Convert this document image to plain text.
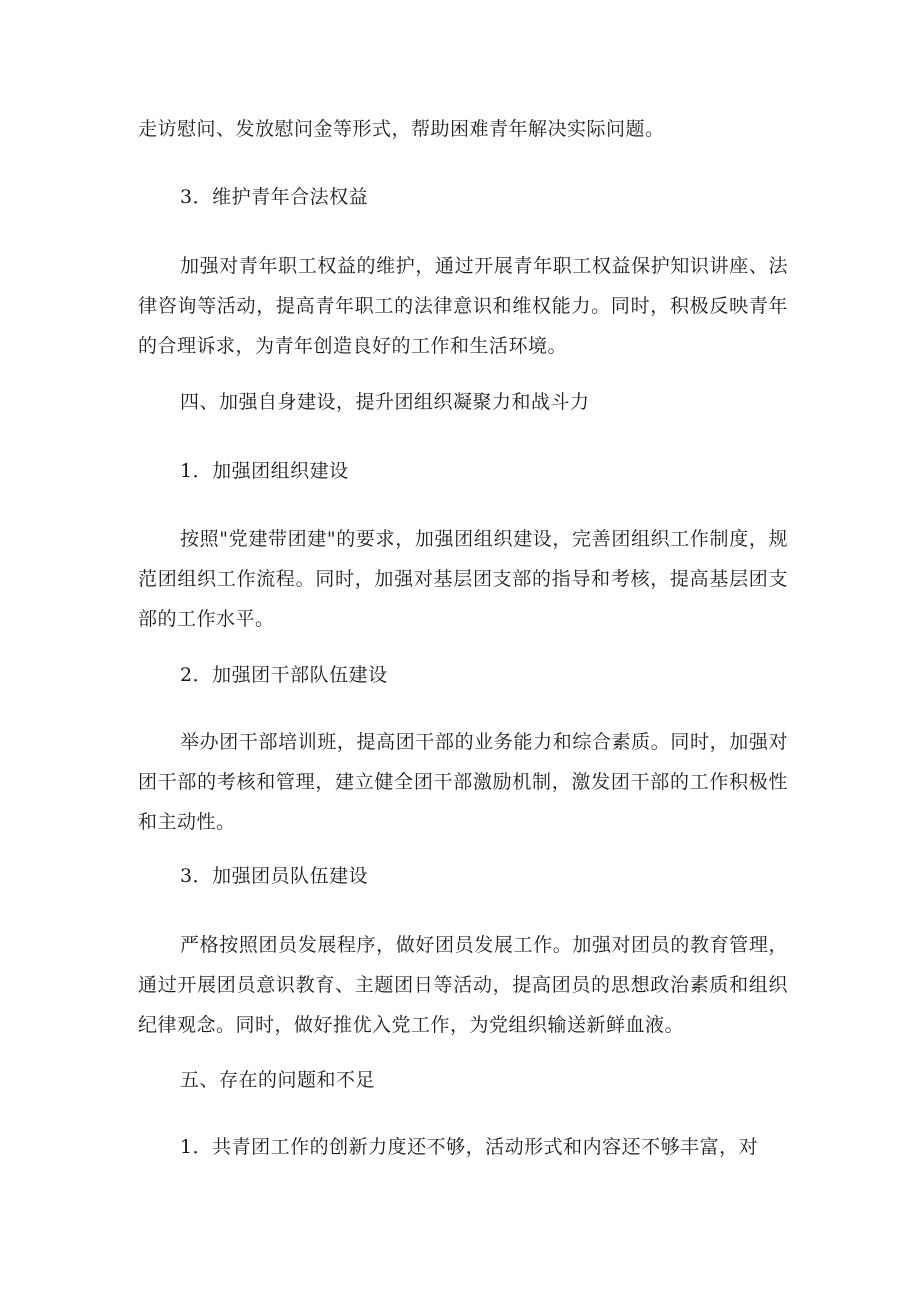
走访慰问、发放慰问金等形式，帮助困难青年解决实际问题。
3．维护青年合法权益
加强对青年职工权益的维护，通过开展青年职工权益保护知识讲座、法律咨询等活动，提高青年职工的法律意识和维权能力。同时，积极反映青年的合理诉求，为青年创造良好的工作和生活环境。
四、加强自身建设，提升团组织凝聚力和战斗力
1．加强团组织建设
按照"党建带团建"的要求，加强团组织建设，完善团组织工作制度，规范团组织工作流程。同时，加强对基层团支部的指导和考核，提高基层团支部的工作水平。
2．加强团干部队伍建设
举办团干部培训班，提高团干部的业务能力和综合素质。同时，加强对团干部的考核和管理，建立健全团干部激励机制，激发团干部的工作积极性和主动性。
3．加强团员队伍建设
严格按照团员发展程序，做好团员发展工作。加强对团员的教育管理，通过开展团员意识教育、主题团日等活动，提高团员的思想政治素质和组织纪律观念。同时，做好推优入党工作，为党组织输送新鲜血液。
五、存在的问题和不足
1．共青团工作的创新力度还不够，活动形式和内容还不够丰富，对
